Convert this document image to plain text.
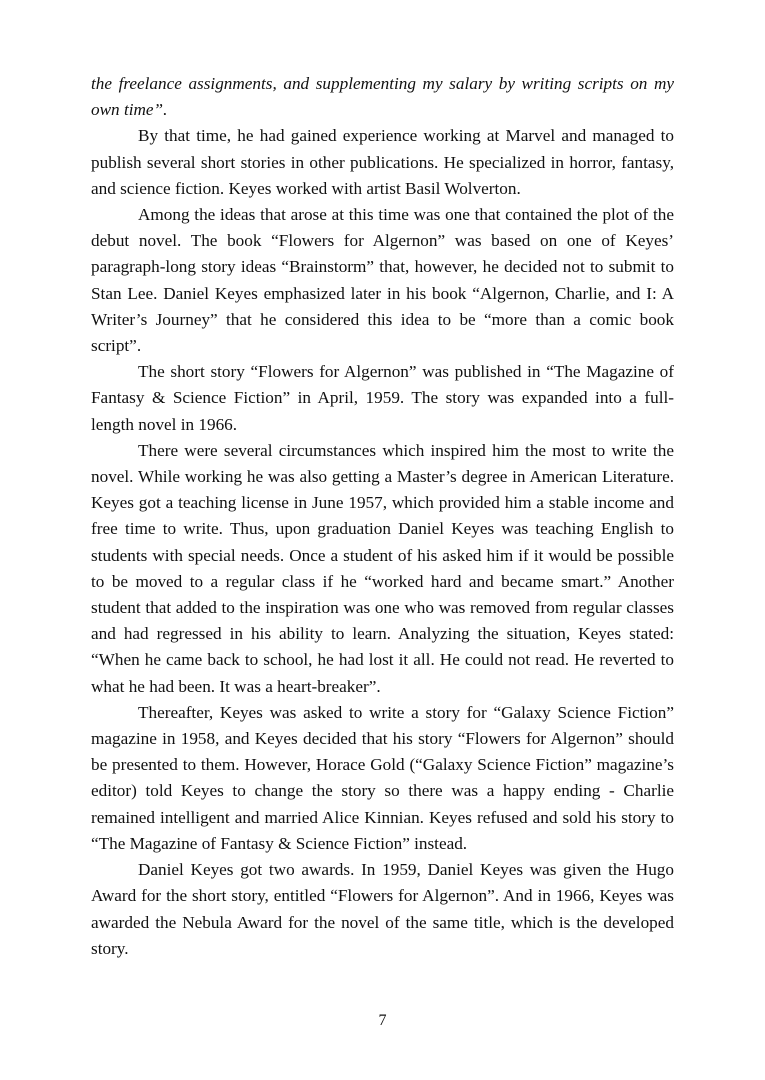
the freelance assignments, and supplementing my salary by writing scripts on my own time”.

By that time, he had gained experience working at Marvel and managed to publish several short stories in other publications. He specialized in horror, fantasy, and science fiction. Keyes worked with artist Basil Wolverton.

Among the ideas that arose at this time was one that contained the plot of the debut novel. The book “Flowers for Algernon” was based on one of Keyes’ paragraph-long story ideas “Brainstorm” that, however, he decided not to submit to Stan Lee. Daniel Keyes emphasized later in his book “Algernon, Charlie, and I: A Writer’s Journey” that he considered this idea to be “more than a comic book script”.

The short story “Flowers for Algernon” was published in “The Magazine of Fantasy & Science Fiction” in April, 1959. The story was expanded into a full-length novel in 1966.

There were several circumstances which inspired him the most to write the novel. While working he was also getting a Master’s degree in American Literature. Keyes got a teaching license in June 1957, which provided him a stable income and free time to write. Thus, upon graduation Daniel Keyes was teaching English to students with special needs. Once a student of his asked him if it would be possible to be moved to a regular class if he “worked hard and became smart.” Another student that added to the inspiration was one who was removed from regular classes and had regressed in his ability to learn. Analyzing the situation, Keyes stated: “When he came back to school, he had lost it all. He could not read. He reverted to what he had been. It was a heart-breaker”.

Thereafter, Keyes was asked to write a story for “Galaxy Science Fiction” magazine in 1958, and Keyes decided that his story “Flowers for Algernon” should be presented to them. However, Horace Gold (“Galaxy Science Fiction” magazine’s editor) told Keyes to change the story so there was a happy ending - Charlie remained intelligent and married Alice Kinnian. Keyes refused and sold his story to “The Magazine of Fantasy & Science Fiction” instead.

Daniel Keyes got two awards. In 1959, Daniel Keyes was given the Hugo Award for the short story, entitled “Flowers for Algernon”. And in 1966, Keyes was awarded the Nebula Award for the novel of the same title, which is the developed story.

7
